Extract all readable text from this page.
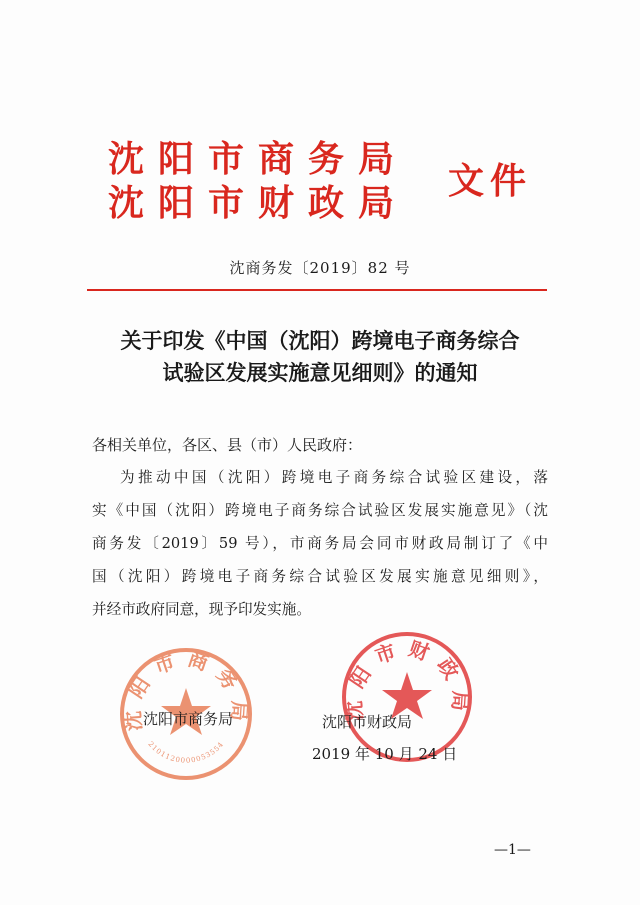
沈阳市商务局
沈阳市财政局
文件
沈商务发〔2019〕82 号
关于印发《中国（沈阳）跨境电子商务综合
试验区发展实施意见细则》的通知
各相关单位，各区、县（市）人民政府：
为推动中国（沈阳）跨境电子商务综合试验区建设，落
实《中国（沈阳）跨境电子商务综合试验区发展实施意见》（沈
商务发〔2019〕59 号），市商务局会同市财政局制订了《中
国（沈阳）跨境电子商务综合试验区发展实施意见细则》，
并经市政府同意，现予印发实施。
沈阳市商务局
2101120000053554
沈阳市财政局
沈阳市商务局	沈阳市财政局
2019 年 10 月 24 日
—1—
